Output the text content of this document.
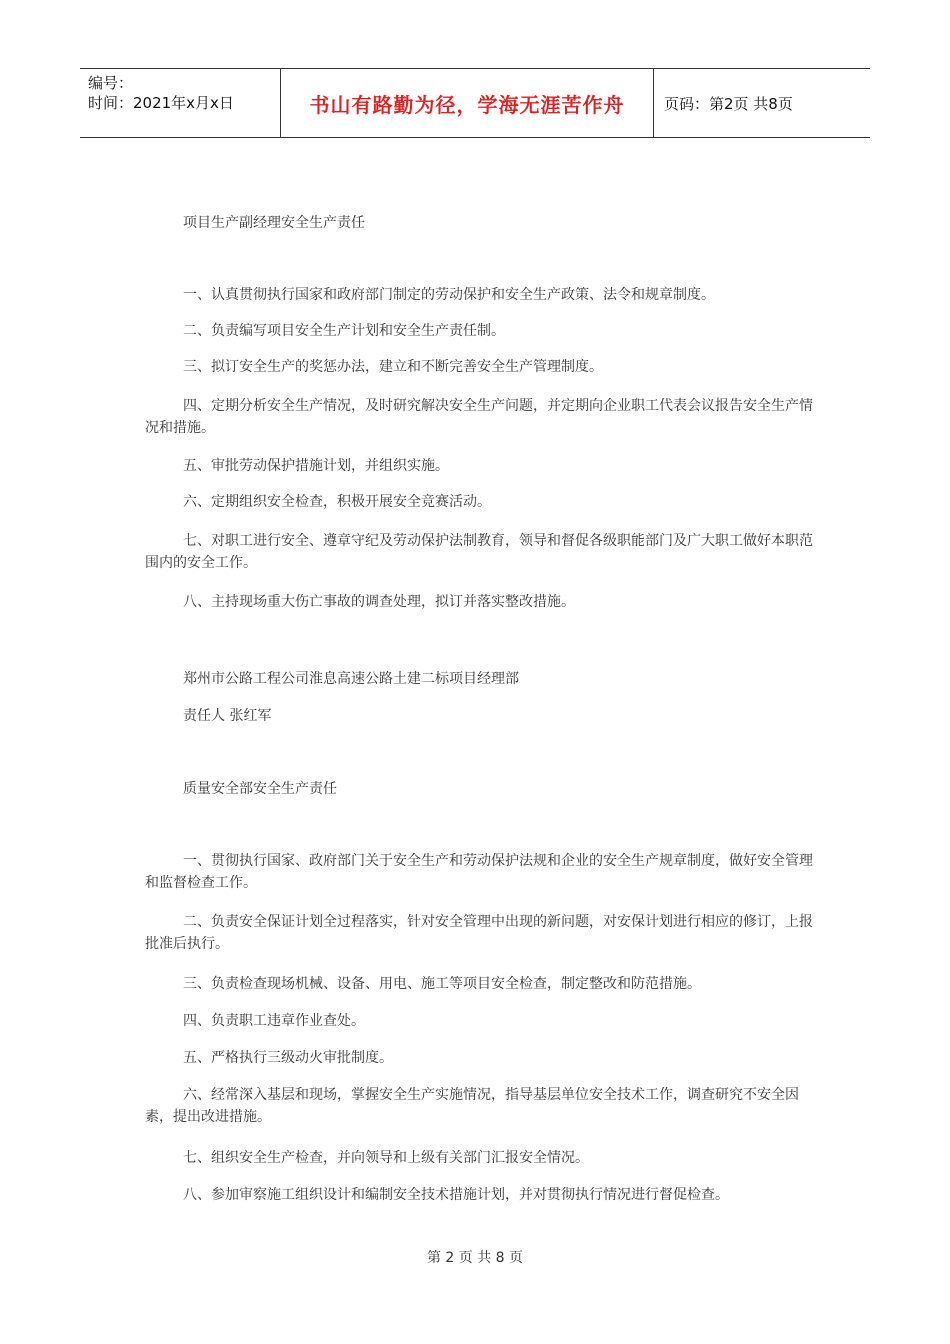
编号：
时间：2021年x月x日	书山有路勤为径，学海无涯苦作舟	页码：第2页 共8页
项目生产副经理安全生产责任
一、认真贯彻执行国家和政府部门制定的劳动保护和安全生产政策、法令和规章制度。
二、负责编写项目安全生产计划和安全生产责任制。
三、拟订安全生产的奖惩办法，建立和不断完善安全生产管理制度。
四、定期分析安全生产情况，及时研究解决安全生产问题，并定期向企业职工代表会议报告安全生产情况和措施。
五、审批劳动保护措施计划，并组织实施。
六、定期组织安全检查，积极开展安全竞赛活动。
七、对职工进行安全、遵章守纪及劳动保护法制教育，领导和督促各级职能部门及广大职工做好本职范围内的安全工作。
八、主持现场重大伤亡事故的调查处理，拟订并落实整改措施。
郑州市公路工程公司淮息高速公路土建二标项目经理部
责任人 张红军
质量安全部安全生产责任
一、贯彻执行国家、政府部门关于安全生产和劳动保护法规和企业的安全生产规章制度，做好安全管理和监督检查工作。
二、负责安全保证计划全过程落实，针对安全管理中出现的新问题，对安保计划进行相应的修订，上报批准后执行。
三、负责检查现场机械、设备、用电、施工等项目安全检查，制定整改和防范措施。
四、负责职工违章作业查处。
五、严格执行三级动火审批制度。
六、经常深入基层和现场，掌握安全生产实施情况，指导基层单位安全技术工作，调查研究不安全因素，提出改进措施。
七、组织安全生产检查，并向领导和上级有关部门汇报安全情况。
八、参加审察施工组织设计和编制安全技术措施计划，并对贯彻执行情况进行督促检查。
第 2 页 共 8 页
